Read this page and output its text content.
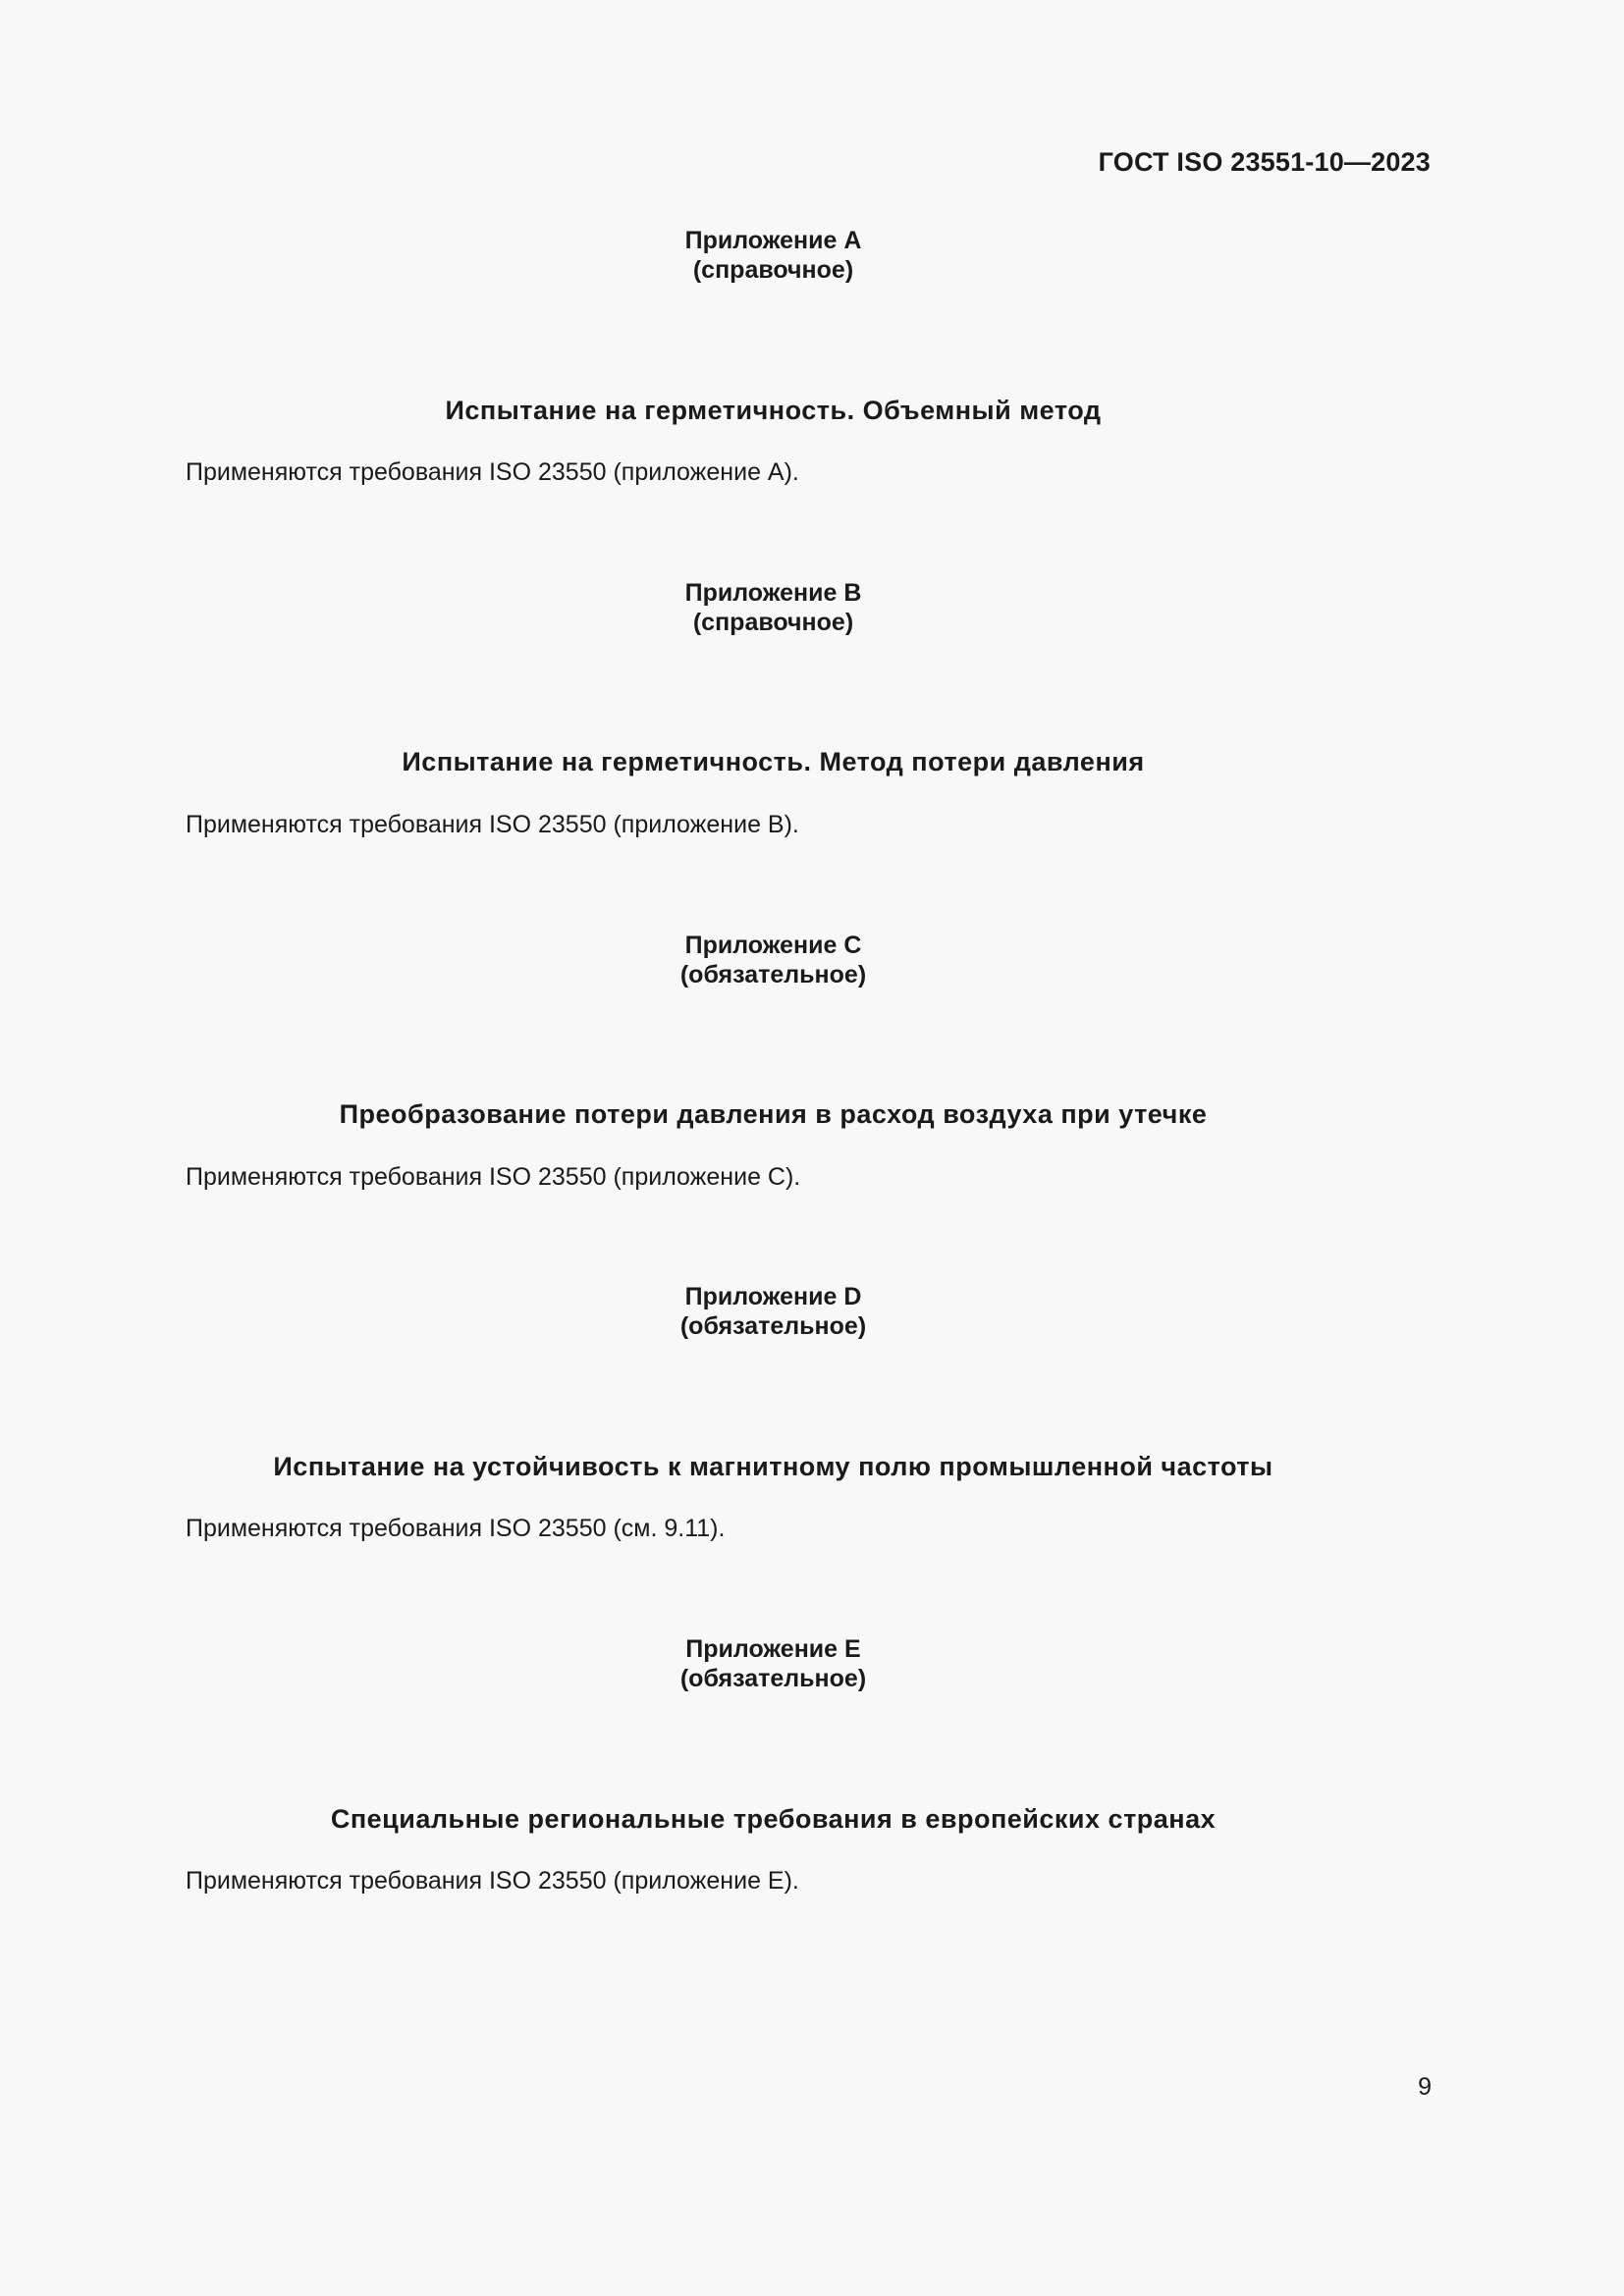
ГОСТ ISO 23551-10—2023
Приложение А
(справочное)
Испытание на герметичность. Объемный метод
Применяются требования ISO 23550 (приложение А).
Приложение В
(справочное)
Испытание на герметичность. Метод потери давления
Применяются требования ISO 23550 (приложение В).
Приложение С
(обязательное)
Преобразование потери давления в расход воздуха при утечке
Применяются требования ISO 23550 (приложение С).
Приложение D
(обязательное)
Испытание на устойчивость к магнитному полю промышленной частоты
Применяются требования ISO 23550 (см. 9.11).
Приложение Е
(обязательное)
Специальные региональные требования в европейских странах
Применяются требования ISO 23550 (приложение Е).
9
